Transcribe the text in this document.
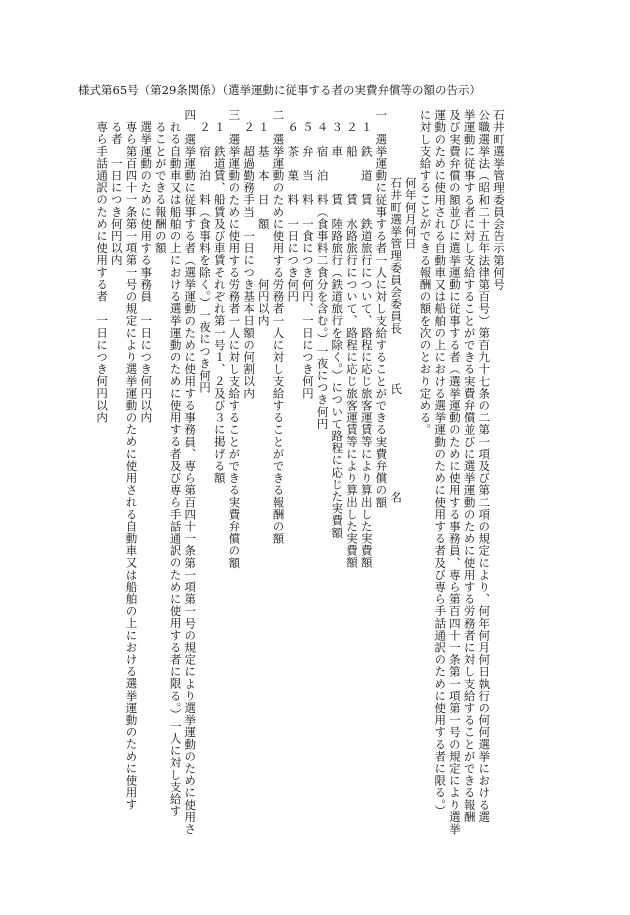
様式第65号（第29条関係）（選挙運動に従事する者の実費弁償等の額の告示）
石井町選挙管理委員会告示第何号
公職選挙法（昭和二十五年法律第百号）第百九十七条の二第一項及び第二項の規定により、何年何月何日執行の何何選挙における選
挙運動に従事する者に対し支給することができる実費弁償並びに選挙運動のために使用する労務者に対し支給することができる報酬
及び実費弁償の額並びに選挙運動に従事する者（選挙運動のために使用する事務員、専ら第百四十一条第一項第一号の規定により選挙
運動のために使用される自動車又は船舶の上における選挙運動のために使用する者及び専ら手話通訳のために使用する者に限る。）
に対し支給することができる報酬の額を次のとおり定める。
何年何月何日
石井町選挙管理委員会委員長　　　　氏　　　　　　　　名
一　選挙運動に従事する者一人に対し支給することができる実費弁償の額
１　鉄　道　賃　鉄道旅行について、路程に応じ旅客運賃等により算出した実費額
２　船　　　賃　水路旅行について、路程に応じ旅客運賃等により算出した実費額
３　車　　　賃　陸路旅行（鉄道旅行を除く。）について路程に応じた実費額
４　宿　泊　料（食事料二食分を含む。）一夜につき何円
５　弁　当　料　一食につき何円、一日につき何円
６　茶　菓　料　一日につき何円
二　選挙運動のために使用する労務者一人に対し支給することができる報酬の額
１　基　本　日　額　　　　何円以内
２　超過勤務手当　一日につき基本日額の何割以内
三　選挙運動のために使用する労務者一人に対し支給することができる実費弁償の額
１　鉄道賃、船賃及び車賃それぞれ第一号１、２及び３に掲げる額
２　宿　泊　料（食事料を除く。）一夜につき何円
四　選挙運動に従事する者（選挙運動のために使用する事務員、専ら第百四十一条第一項第一号の規定により選挙運動のために使用さ
れる自動車又は船舶の上における選挙運動のために使用する者及び専ら手話通訳のために使用する者に限る。）一人に対し支給す
ることができる報酬の額
選挙運動のために使用する事務員　一日につき何円以内
専ら第百四十一条第一項第一号の規定により選挙運動のために使用される自動車又は船舶の上における選挙運動のために使用す
る者　一日につき何円以内
専ら手話通訳のために使用する者　一日につき何円以内
